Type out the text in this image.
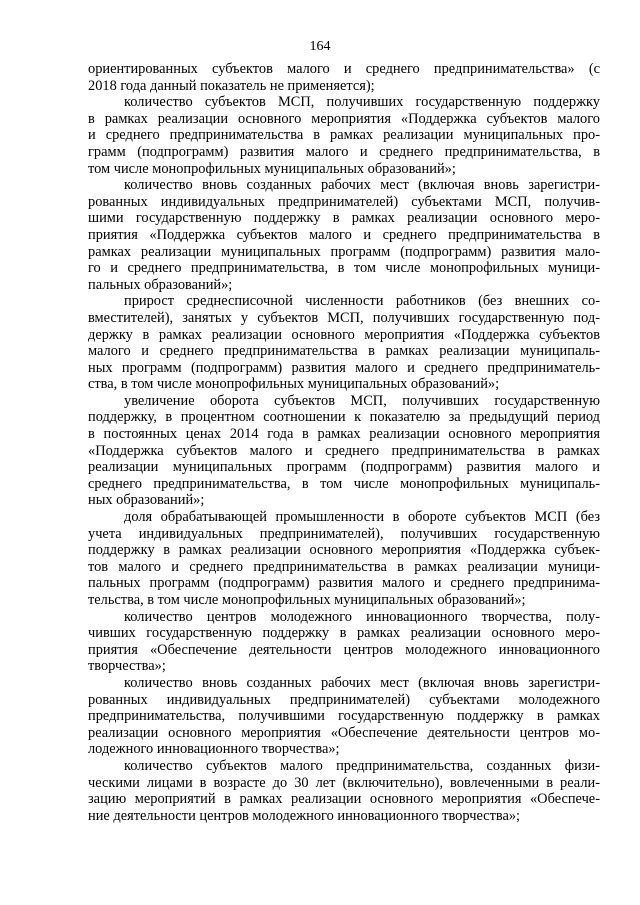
164
ориентированных субъектов малого и среднего предпринимательства» (с
2018 года данный показатель не применяется);
количество субъектов МСП, получивших государственную поддержку
в рамках реализации основного мероприятия «Поддержка субъектов малого
и среднего предпринимательства в рамках реализации муниципальных про-
грамм (подпрограмм) развития малого и среднего предпринимательства, в
том числе монопрофильных муниципальных образований»;
количество вновь созданных рабочих мест (включая вновь зарегистри-
рованных индивидуальных предпринимателей) субъектами МСП, получив-
шими государственную поддержку в рамках реализации основного меро-
приятия «Поддержка субъектов малого и среднего предпринимательства в
рамках реализации муниципальных программ (подпрограмм) развития мало-
го и среднего предпринимательства, в том числе монопрофильных муници-
пальных образований»;
прирост среднесписочной численности работников (без внешних со-
вместителей), занятых у субъектов МСП, получивших государственную под-
держку в рамках реализации основного мероприятия «Поддержка субъектов
малого и среднего предпринимательства в рамках реализации муниципаль-
ных программ (подпрограмм) развития малого и среднего предприниматель-
ства, в том числе монопрофильных муниципальных образований»;
увеличение оборота субъектов МСП, получивших государственную
поддержку, в процентном соотношении к показателю за предыдущий период
в постоянных ценах 2014 года в рамках реализации основного мероприятия
«Поддержка субъектов малого и среднего предпринимательства в рамках
реализации муниципальных программ (подпрограмм) развития малого и
среднего предпринимательства, в том числе монопрофильных муниципаль-
ных образований»;
доля обрабатывающей промышленности в обороте субъектов МСП (без
учета индивидуальных предпринимателей), получивших государственную
поддержку в рамках реализации основного мероприятия «Поддержка субъек-
тов малого и среднего предпринимательства в рамках реализации муници-
пальных программ (подпрограмм) развития малого и среднего предпринима-
тельства, в том числе монопрофильных муниципальных образований»;
количество центров молодежного инновационного творчества, полу-
чивших государственную поддержку в рамках реализации основного меро-
приятия «Обеспечение деятельности центров молодежного инновационного
творчества»;
количество вновь созданных рабочих мест (включая вновь зарегистри-
рованных индивидуальных предпринимателей) субъектами молодежного
предпринимательства, получившими государственную поддержку в рамках
реализации основного мероприятия «Обеспечение деятельности центров мо-
лодежного инновационного творчества»;
количество субъектов малого предпринимательства, созданных физи-
ческими лицами в возрасте до 30 лет (включительно), вовлеченными в реали-
зацию мероприятий в рамках реализации основного мероприятия «Обеспече-
ние деятельности центров молодежного инновационного творчества»;
